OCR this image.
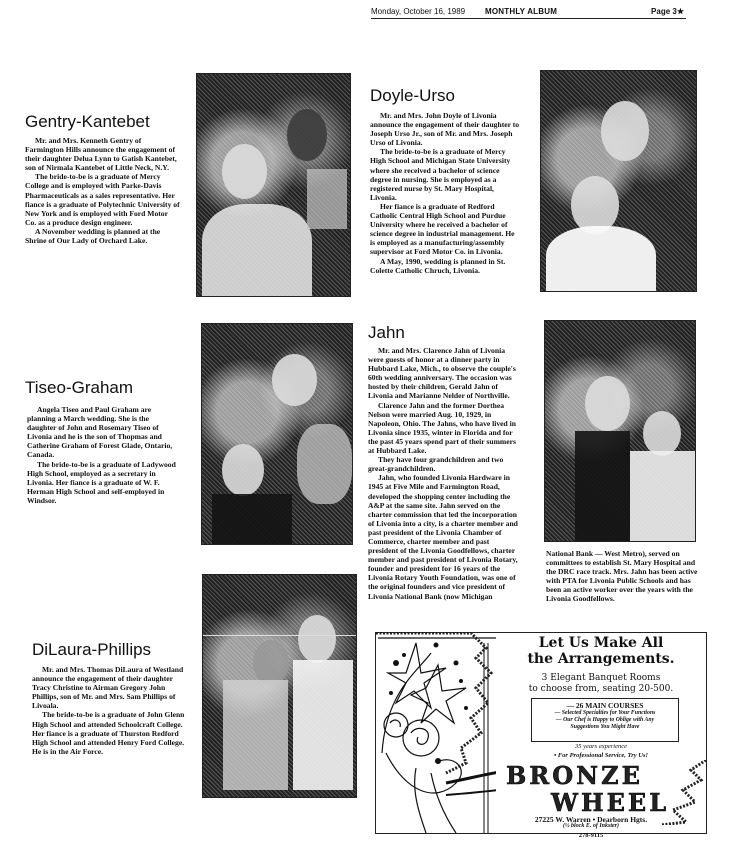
Monday, October 16, 1989 MONTHLY ALBUM	Page 3★
Gentry-Kantebet

Mr. and Mrs. Kenneth Gentry of Farmington Hills announce the engagement of their daughter Delua Lynn to Gatish Kantebet, son of Nirmala Kantebet of Little Neck, N.Y.

The bride-to-be is a graduate of Mercy College and is employed with Parke-Davis Pharmaceuticals as a sales representative. Her fiance is a graduate of Polytechnic University of New York and is employed with Ford Motor Co. as a produce design engineer.

A November wedding is planned at the Shrine of Our Lady of Orchard Lake.

Doyle-Urso

Mr. and Mrs. John Doyle of Livonia announce the engagement of their daughter to Joseph Urso Jr., son of Mr. and Mrs. Joseph Urso of Livonia.

The bride-to-be is a graduate of Mercy High School and Michigan State University where she received a bachelor of science degree in nursing. She is employed as a registered nurse by St. Mary Hospital, Livonia.

Her fiance is a graduate of Redford Catholic Central High School and Purdue University where he received a bachelor of science degree in industrial management. He is employed as a manufacturing/assembly supervisor at Ford Motor Co. in Livonia.

A May, 1990, wedding is planned in St. Colette Catholic Chruch, Livonia.

Tiseo-Graham

Angela Tiseo and Paul Graham are planning a March wedding. She is the daughter of John and Rosemary Tiseo of Livonia and he is the son of Thopmas and Catherine Graham of Forest Glade, Ontario, Canada.

The bride-to-be is a graduate of Ladywood High School, employed as a secretary in Livonia. Her fiance is a graduate of W. F. Herman High School and self-employed in Windsor.

Jahn

Mr. and Mrs. Clarence Jahn of Livonia were guests of honor at a dinner party in Hubbard Lake, Mich., to observe the couple's 60th wedding anniversary. The occasion was hosted by their children, Gerald Jahn of Livonia and Marianne Nelder of Northville.

Clarence Jahn and the former Dorthea Nelson were married Aug. 10, 1929, in Napoleon, Ohio. The Jahns, who have lived in Livonia since 1935, winter in Florida and for the past 45 years spend part of their summers at Hubbard Lake.

They have four grandchildren and two great-grandchildren.

Jahn, who founded Livonia Hardware in 1945 at Five Mile and Farmington Road, developed the shopping center including the A&P at the same site. Jahn served on the charter commission that led the incorporation of Livonia into a city, is a charter member and past president of the Livonia Chamber of Commerce, charter member and past president of the Livonia Goodfellows, charter member and past president of Livonia Rotary, founder and president for 16 years of the Livonia Rotary Youth Foundation, was one of the original founders and vice president of Livonia National Bank (now Michigan

National Bank — West Metro), served on committees to establish St. Mary Hospital and the DRC race track. Mrs. Jahn has been active with PTA for Livonia Public Schools and has been an active worker over the years with the Livonia Goodfellows.
DiLaura-Phillips

Mr. and Mrs. Thomas DiLaura of Westland announce the engagement of their daughter Tracy Christine to Airman Gregory John Phillips, son of Mr. and Mrs. Sam Phillips of Livoala.

The bride-to-be is a graduate of John Glenn High School and attended Schoolcraft College. Her fiance is a graduate of Thurston Redford High School and attended Henry Ford College. He is in the Air Force.

Let Us Make All
the Arrangements.
3 Elegant Banquet Rooms
to choose from, seating 20-500.
— 26 MAIN COURSES
— Selected Specialties for Your Functions
— Our Chef is Happy to Oblige with Any
Suggestions You Might Have
35 years experience
• For Professional Service, Try Us!
BRONZE
WHEEL
27225 W. Warren • Dearborn Hgts.
(½ block E. of Inkster)
278-9115
